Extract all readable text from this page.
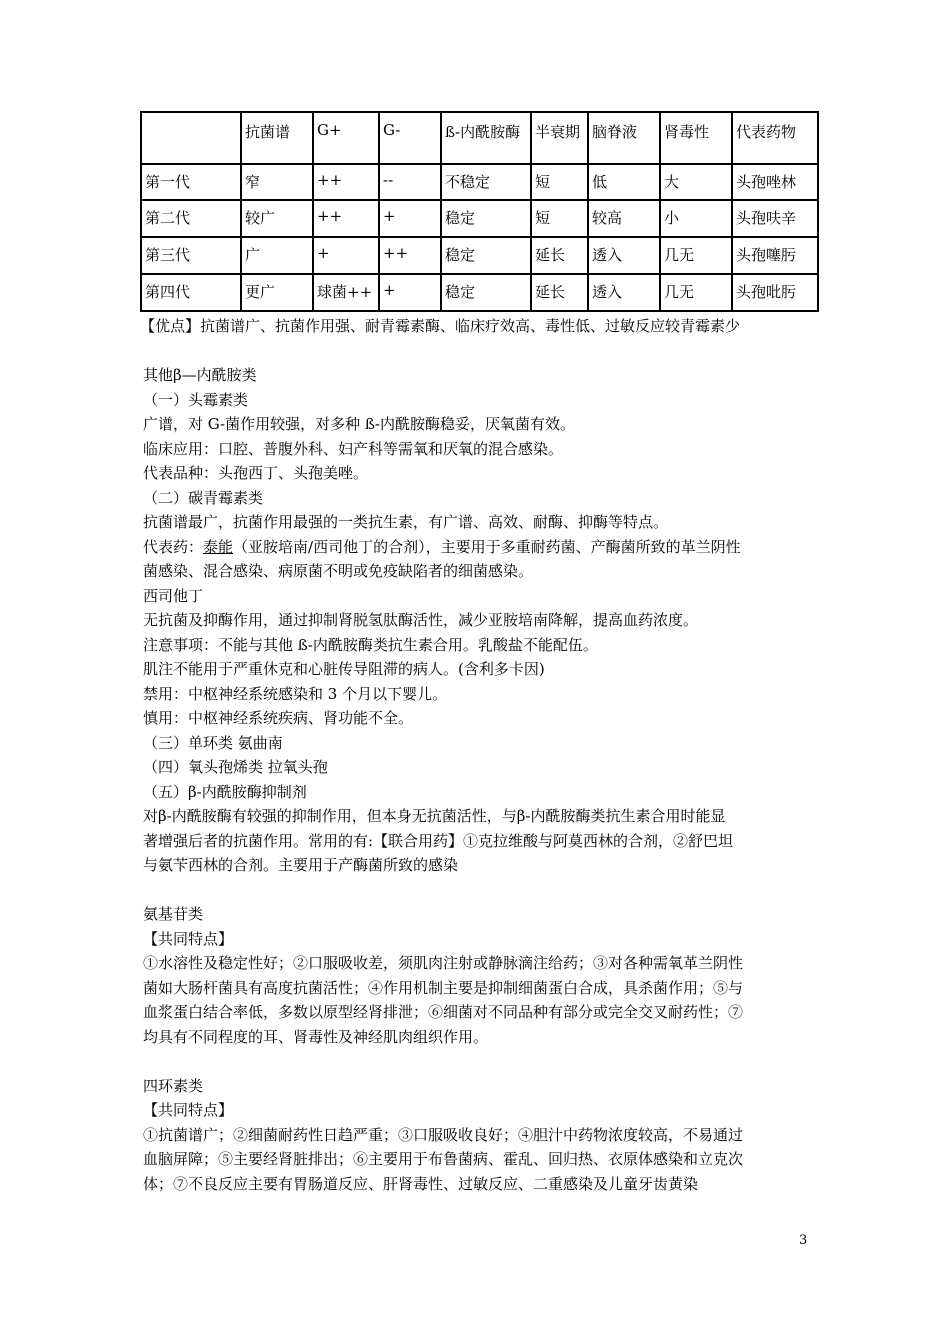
	抗菌谱	G+	G-	ß-内酰胺酶	半衰期	脑脊液	肾毒性	代表药物
第一代	窄	++	--	不稳定	短	低	大	头孢唑林
第二代	较广	++	+	稳定	短	较高	小	头孢呋辛
第三代	广	+	++	稳定	延长	透入	几无	头孢噻肟
第四代	更广	球菌++	+	稳定	延长	透入	几无	头孢吡肟

【优点】抗菌谱广、抗菌作用强、耐青霉素酶、临床疗效高、毒性低、过敏反应较青霉素少

其他β—内酰胺类

（一）头霉素类

广谱，对 G-菌作用较强，对多种 ß-内酰胺酶稳妥，厌氧菌有效。

临床应用：口腔、普腹外科、妇产科等需氧和厌氧的混合感染。

代表品种：头孢西丁、头孢美唑。

（二）碳青霉素类

抗菌谱最广，抗菌作用最强的一类抗生素，有广谱、高效、耐酶、抑酶等特点。

代表药：泰能（亚胺培南/西司他丁的合剂），主要用于多重耐药菌、产酶菌所致的革兰阴性

菌感染、混合感染、病原菌不明或免疫缺陷者的细菌感染。

西司他丁

无抗菌及抑酶作用，通过抑制肾脱氢肽酶活性，减少亚胺培南降解，提高血药浓度。

注意事项：不能与其他 ß-内酰胺酶类抗生素合用。乳酸盐不能配伍。

肌注不能用于严重休克和心脏传导阻滞的病人。(含利多卡因)

禁用：中枢神经系统感染和 3 个月以下婴儿。

慎用：中枢神经系统疾病、肾功能不全。

（三）单环类 氨曲南

（四）氧头孢烯类 拉氧头孢

（五）β-内酰胺酶抑制剂

对β-内酰胺酶有较强的抑制作用，但本身无抗菌活性，与β-内酰胺酶类抗生素合用时能显

著增强后者的抗菌作用。常用的有:【联合用药】①克拉维酸与阿莫西林的合剂，②舒巴坦

与氨苄西林的合剂。主要用于产酶菌所致的感染

氨基苷类

【共同特点】

①水溶性及稳定性好；②口服吸收差，须肌肉注射或静脉滴注给药；③对各种需氧革兰阴性

菌如大肠杆菌具有高度抗菌活性；④作用机制主要是抑制细菌蛋白合成，具杀菌作用；⑤与

血浆蛋白结合率低，多数以原型经肾排泄；⑥细菌对不同品种有部分或完全交叉耐药性；⑦

均具有不同程度的耳、肾毒性及神经肌肉组织作用。

四环素类

【共同特点】

①抗菌谱广；②细菌耐药性日趋严重；③口服吸收良好；④胆汁中药物浓度较高，不易通过

血脑屏障；⑤主要经肾脏排出；⑥主要用于布鲁菌病、霍乱、回归热、衣原体感染和立克次

体；⑦不良反应主要有胃肠道反应、肝肾毒性、过敏反应、二重感染及儿童牙齿黄染

3
